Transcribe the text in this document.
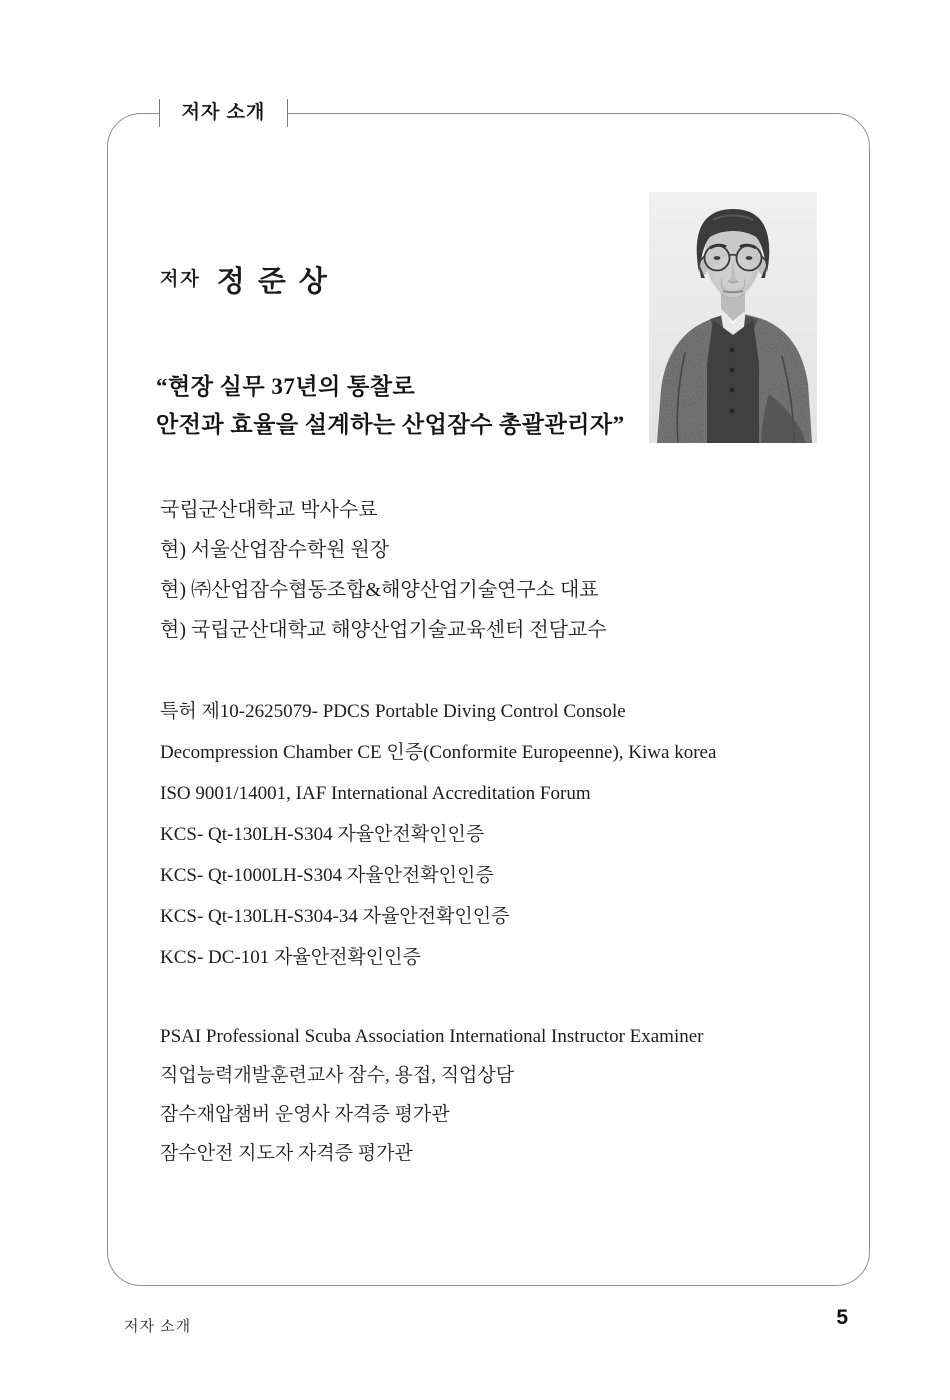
저자 소개
저자 정준상
“현장 실무 37년의 통찰로
안전과 효율을 설계하는 산업잠수 총괄관리자”
국립군산대학교 박사수료
현) 서울산업잠수학원 원장
현) ㈜산업잠수협동조합&해양산업기술연구소 대표
현) 국립군산대학교 해양산업기술교육센터 전담교수
특허 제10-2625079- PDCS Portable Diving Control Console
Decompression Chamber CE 인증(Conformite Europeenne), Kiwa korea
ISO 9001/14001, IAF International Accreditation Forum
KCS- Qt-130LH-S304 자율안전확인인증
KCS- Qt-1000LH-S304 자율안전확인인증
KCS- Qt-130LH-S304-34 자율안전확인인증
KCS- DC-101 자율안전확인인증
PSAI Professional Scuba Association International Instructor Examiner
직업능력개발훈련교사 잠수, 용접, 직업상담
잠수재압챔버 운영사 자격증 평가관
잠수안전 지도자 자격증 평가관
저자 소개	5
